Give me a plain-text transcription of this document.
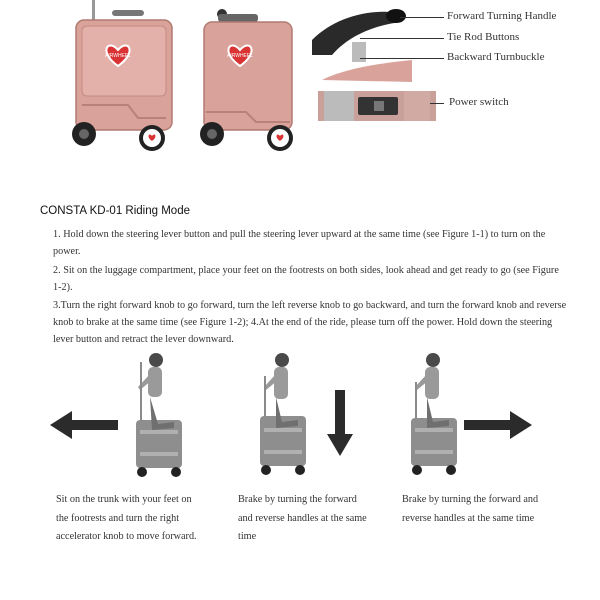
AIRWHEEL	AIRWHEEL
Forward Turning Handle
Tie Rod Buttons
Backward Turnbuckle
Power switch
CONSTA KD-01 Riding Mode
1. Hold down the steering lever button and pull the steering lever upward at the same time (see Figure 1-1) to turn on the power.
2. Sit on the luggage compartment, place your feet on the footrests on both sides, look ahead and get ready to go (see Figure 1-2).
3.Turn the right forward knob to go forward, turn the left reverse knob to go backward, and turn the forward knob and reverse knob to brake at the same time (see Figure 1-2); 4.At the end of the ride, please turn off the power. Hold down the steering lever button and retract the lever downward.
Sit on the trunk with your feet on the footrests and turn the right accelerator knob to move forward.
Brake by turning the forward and reverse handles at the same time
Brake by turning the forward and reverse handles at the same time
